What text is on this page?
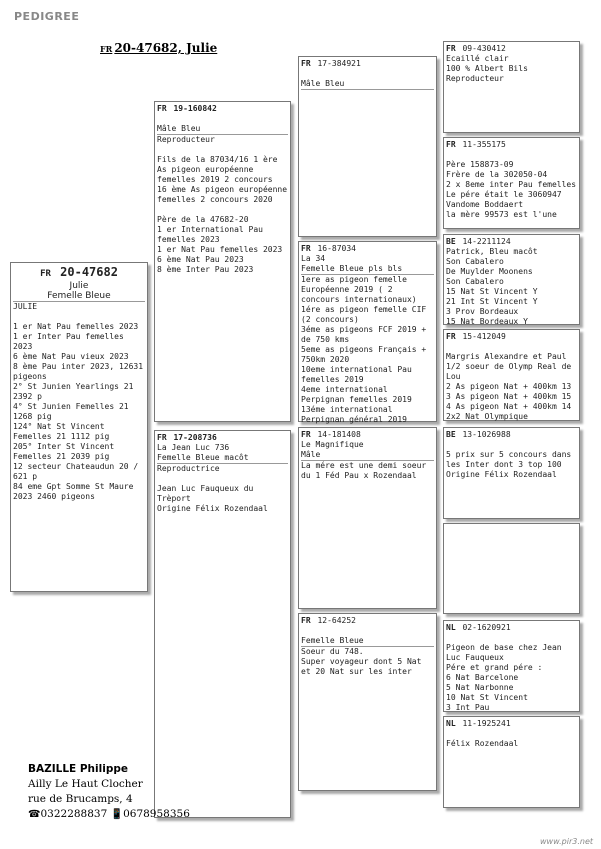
PEDIGREE
FR 20-47682, Julie
FR 20-47682
Julie
Femelle Bleue
JULIE

1 er Nat Pau femelles 2023
1 er Inter Pau femelles 2023
6 ème Nat Pau vieux 2023
8 ème Pau inter 2023, 12631 pigeons
2° St Junien Yearlings 21 2392 p
4° St Junien Femelles 21 1268 pig
124° Nat St Vincent Femelles 21 1112 pig
205° Inter St Vincent Femelles 21 2039 pig
12 secteur Chateaudun 20 / 621 p
84 eme Gpt Somme St Maure 2023 2460 pigeons
FR 19-160842
Mâle Bleu
Reproducteur
Fils de la 87034/16 1 ère As pigeon européenne femelles 2019 2 concours
16 ème As pigeon européenne femelles 2 concours 2020

Père de la 47682-20
1 er International Pau femelles 2023
1 er Nat Pau femelles 2023
6 ème Nat Pau 2023
8 ème Inter Pau 2023
FR 17-208736
La Jean Luc 736
Femelle Bleue macôt
Reproductrice
Jean Luc Fauqueux du Trèport
Origine Félix Rozendaal
FR 17-384921
Mâle Bleu
FR 16-87034
La 34
Femelle Bleue pls bls
1ere as pigeon femelle Européenne 2019 ( 2 concours internationaux)
1ére as pigeon femelle CIF (2 concours)
3éme as pigeons FCF 2019 + de 750 kms
5eme as pigeons Français + 750km 2020
10eme international Pau femelles 2019
4eme international Perpignan femelles 2019
13éme international Perpignan général 2019
FR 14-181408
Le Magnifique
Mâle
La mére est une demi soeur du 1 Féd Pau x Rozendaal
FR 12-64252
Femelle Bleue
Soeur du 748.
Super voyageur dont 5 Nat et 20 Nat sur les inter
FR 09-430412
Ecaillé clair
100 % Albert Bils
Reproducteur
FR 11-355175

Père 158873-09
Frère de la 302050-04
2 x 8eme inter Pau femelles
Le pére était le 3060947 Vandome Boddaert
la mère 99573 est l'une
BE 14-2211124
Patrick, Bleu macôt
Son Cabalero
De Muylder Moonens
Son Cabalero
15 Nat St Vincent Y
21 Int St Vincent Y
3 Prov Bordeaux
15 Nat Bordeaux Y
FR 15-412049

Margris Alexandre et Paul
1/2 soeur de Olymp Real de Lou
2 As pigeon Nat + 400km 13
3 As pigeon Nat + 400km 15
4 As pigeon Nat + 400km 14
2x2 Nat Olympique
BE 13-1026988

5 prix sur 5 concours dans les Inter dont 3 top 100
Origine Félix Rozendaal
NL 02-1620921

Pigeon de base chez Jean Luc Fauqueux
Pére et grand pére :
6 Nat Barcelone
5 Nat Narbonne
10 Nat St Vincent
3 Int Pau
NL 11-1925241

Félix Rozendaal
BAZILLE Philippe
Ailly Le Haut Clocher
rue de Brucamps, 4
☎0322288837 📱0678958356
www.pir3.net
